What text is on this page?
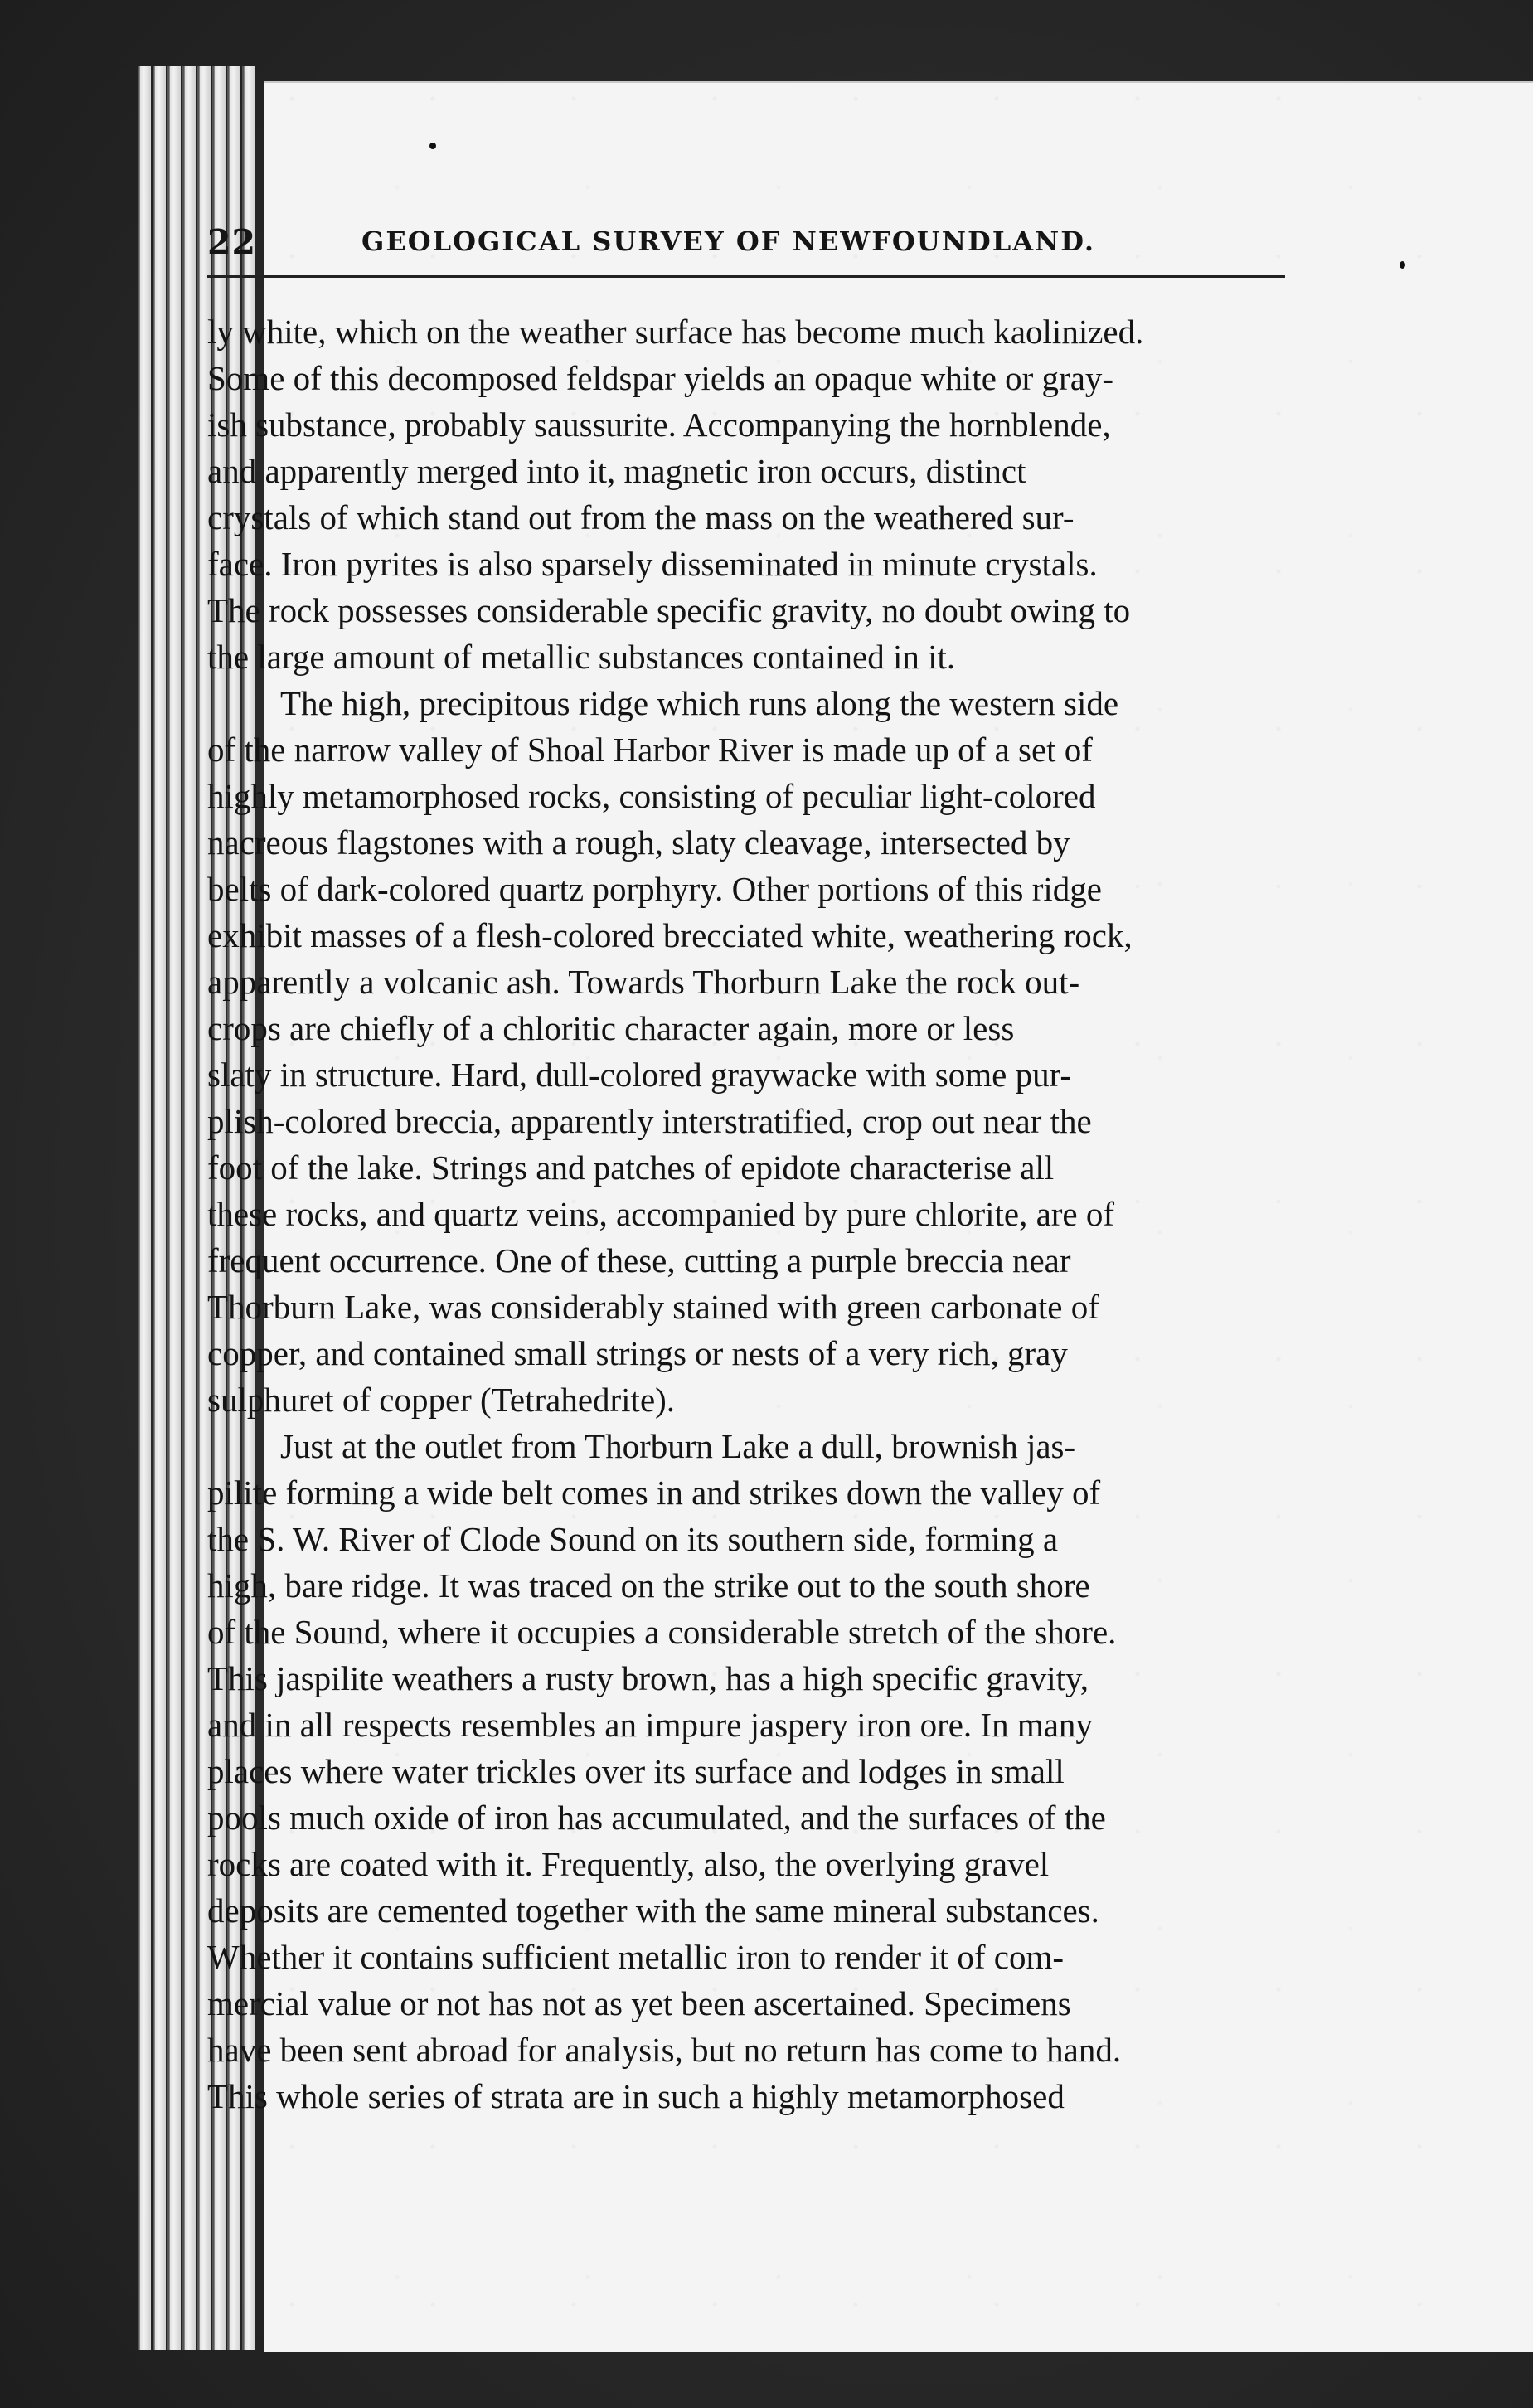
22	GEOLOGICAL SURVEY OF NEWFOUNDLAND.
ly white, which on the weather surface has become much kaolinized.
Some of this decomposed feldspar yields an opaque white or gray-
ish substance, probably saussurite. Accompanying the hornblende,
and apparently merged into it, magnetic iron occurs, distinct
crystals of which stand out from the mass on the weathered sur-
face. Iron pyrites is also sparsely disseminated in minute crystals.
The rock possesses considerable specific gravity, no doubt owing to
the large amount of metallic substances contained in it.
The high, precipitous ridge which runs along the western side
of the narrow valley of Shoal Harbor River is made up of a set of
highly metamorphosed rocks, consisting of peculiar light-colored
nacreous flagstones with a rough, slaty cleavage, intersected by
belts of dark-colored quartz porphyry. Other portions of this ridge
exhibit masses of a flesh-colored brecciated white, weathering rock,
apparently a volcanic ash. Towards Thorburn Lake the rock out-
crops are chiefly of a chloritic character again, more or less
slaty in structure. Hard, dull-colored graywacke with some pur-
plish-colored breccia, apparently interstratified, crop out near the
foot of the lake. Strings and patches of epidote characterise all
these rocks, and quartz veins, accompanied by pure chlorite, are of
frequent occurrence. One of these, cutting a purple breccia near
Thorburn Lake, was considerably stained with green carbonate of
copper, and contained small strings or nests of a very rich, gray
sulphuret of copper (Tetrahedrite).
Just at the outlet from Thorburn Lake a dull, brownish jas-
pilite forming a wide belt comes in and strikes down the valley of
the S. W. River of Clode Sound on its southern side, forming a
high, bare ridge. It was traced on the strike out to the south shore
of the Sound, where it occupies a considerable stretch of the shore.
This jaspilite weathers a rusty brown, has a high specific gravity,
and in all respects resembles an impure jaspery iron ore. In many
places where water trickles over its surface and lodges in small
pools much oxide of iron has accumulated, and the surfaces of the
rocks are coated with it. Frequently, also, the overlying gravel
deposits are cemented together with the same mineral substances.
Whether it contains sufficient metallic iron to render it of com-
mercial value or not has not as yet been ascertained. Specimens
have been sent abroad for analysis, but no return has come to hand.
This whole series of strata are in such a highly metamorphosed
